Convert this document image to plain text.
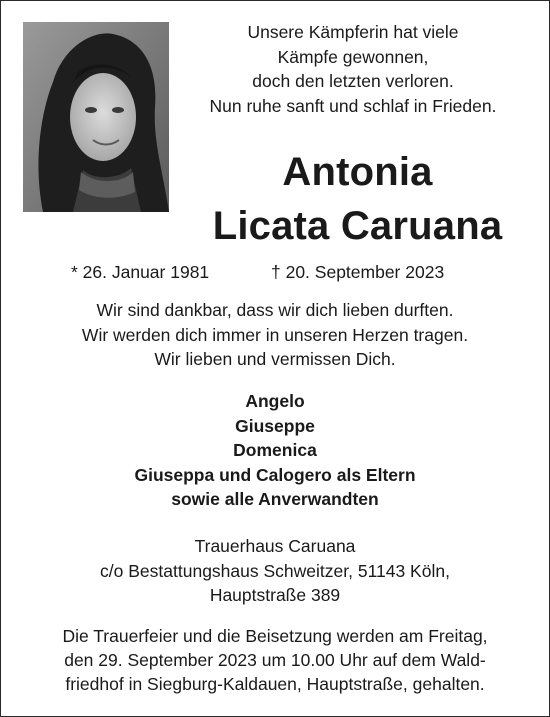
Unsere Kämpferin hat viele
Kämpfe gewonnen,
doch den letzten verloren.
Nun ruhe sanft und schlaf in Frieden.
Antonia
Licata Caruana
* 26. Januar 1981	† 20. September 2023
Wir sind dankbar, dass wir dich lieben durften.
Wir werden dich immer in unseren Herzen tragen.
Wir lieben und vermissen Dich.
Angelo
Giuseppe
Domenica
Giuseppa und Calogero als Eltern
sowie alle Anverwandten
Trauerhaus Caruana
c/o Bestattungshaus Schweitzer, 51143 Köln,
Hauptstraße 389
Die Trauerfeier und die Beisetzung werden am Freitag,
den 29. September 2023 um 10.00 Uhr auf dem Wald-
friedhof in Siegburg-Kaldauen, Hauptstraße, gehalten.
